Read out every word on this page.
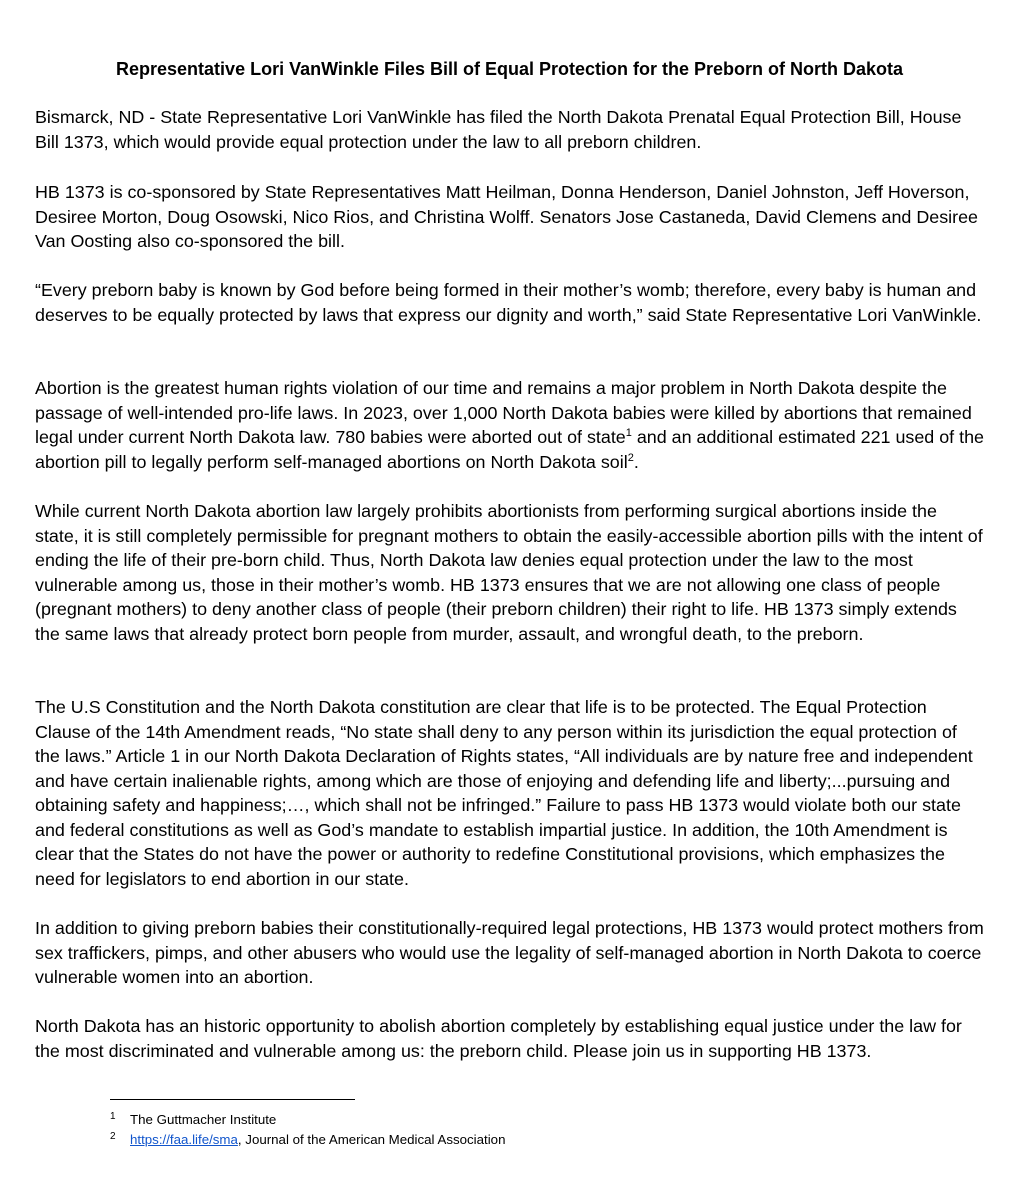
Representative Lori VanWinkle Files Bill of Equal Protection for the Preborn of North Dakota

Bismarck, ND - State Representative Lori VanWinkle has filed the North Dakota Prenatal Equal Protection Bill, House Bill 1373, which would provide equal protection under the law to all preborn children.

HB 1373 is co-sponsored by State Representatives Matt Heilman, Donna Henderson, Daniel Johnston, Jeff Hoverson, Desiree Morton, Doug Osowski, Nico Rios, and Christina Wolff. Senators Jose Castaneda, David Clemens and Desiree Van Oosting also co-sponsored the bill.

“Every preborn baby is known by God before being formed in their mother’s womb; therefore, every baby is human and deserves to be equally protected by laws that express our dignity and worth,” said State Representative Lori VanWinkle.

Abortion is the greatest human rights violation of our time and remains a major problem in North Dakota despite the passage of well-intended pro-life laws. In 2023, over 1,000 North Dakota babies were killed by abortions that remained legal under current North Dakota law. 780 babies were aborted out of state$^1$ and an additional estimated 221 used of the abortion pill to legally perform self-managed abortions on North Dakota soil$^2$.

While current North Dakota abortion law largely prohibits abortionists from performing surgical abortions inside the state, it is still completely permissible for pregnant mothers to obtain the easily-accessible abortion pills with the intent of ending the life of their pre-born child. Thus, North Dakota law denies equal protection under the law to the most vulnerable among us, those in their mother’s womb. HB 1373 ensures that we are not allowing one class of people (pregnant mothers) to deny another class of people (their preborn children) their right to life. HB 1373 simply extends the same laws that already protect born people from murder, assault, and wrongful death, to the preborn.

The U.S Constitution and the North Dakota constitution are clear that life is to be protected. The Equal Protection Clause of the 14th Amendment reads, “No state shall deny to any person within its jurisdiction the equal protection of the laws.” Article 1 in our North Dakota Declaration of Rights states, “All individuals are by nature free and independent and have certain inalienable rights, among which are those of enjoying and defending life and liberty;...pursuing and obtaining safety and happiness;…, which shall not be infringed.” Failure to pass HB 1373 would violate both our state and federal constitutions as well as God’s mandate to establish impartial justice. In addition, the 10th Amendment is clear that the States do not have the power or authority to redefine Constitutional provisions, which emphasizes the need for legislators to end abortion in our state.

In addition to giving preborn babies their constitutionally-required legal protections, HB 1373 would protect mothers from sex traffickers, pimps, and other abusers who would use the legality of self-managed abortion in North Dakota to coerce vulnerable women into an abortion.

North Dakota has an historic opportunity to abolish abortion completely by establishing equal justice under the law for the most discriminated and vulnerable among us: the preborn child. Please join us in supporting HB 1373.

1 The Guttmacher Institute
2 https://faa.life/sma, Journal of the American Medical Association
